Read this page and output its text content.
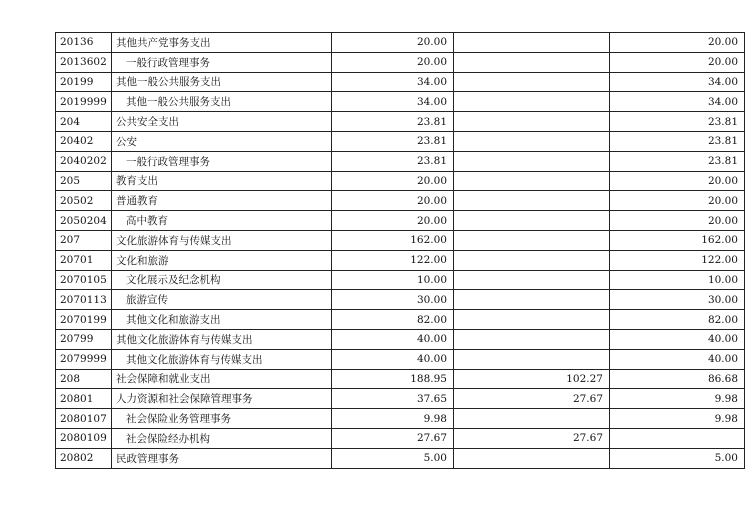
20136	其他共产党事务支出	20.00		20.00
2013602	一般行政管理事务	20.00		20.00
20199	其他一般公共服务支出	34.00		34.00
2019999	其他一般公共服务支出	34.00		34.00
204	公共安全支出	23.81		23.81
20402	公安	23.81		23.81
2040202	一般行政管理事务	23.81		23.81
205	教育支出	20.00		20.00
20502	普通教育	20.00		20.00
2050204	高中教育	20.00		20.00
207	文化旅游体育与传媒支出	162.00		162.00
20701	文化和旅游	122.00		122.00
2070105	文化展示及纪念机构	10.00		10.00
2070113	旅游宣传	30.00		30.00
2070199	其他文化和旅游支出	82.00		82.00
20799	其他文化旅游体育与传媒支出	40.00		40.00
2079999	其他文化旅游体育与传媒支出	40.00		40.00
208	社会保障和就业支出	188.95	102.27	86.68
20801	人力资源和社会保障管理事务	37.65	27.67	9.98
2080107	社会保险业务管理事务	9.98		9.98
2080109	社会保险经办机构	27.67	27.67	
20802	民政管理事务	5.00		5.00
